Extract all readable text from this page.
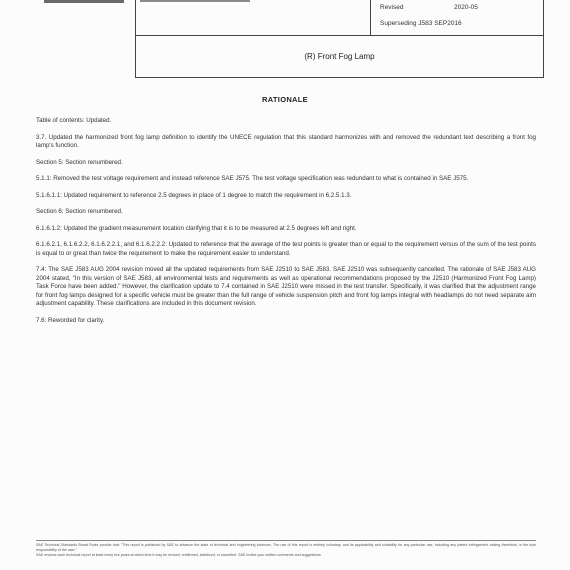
Revised	2020-05
Superseding J583 SEP2016
(R) Front Fog Lamp
RATIONALE

Table of contents: Updated.

3.7. Updated the harmonized front fog lamp definition to identify the UNECE regulation that this standard harmonizes with and removed the redundant text describing a front fog lamp's function.

Section 5: Section renumbered.

5.1.1: Removed the test voltage requirement and instead reference SAE J575. The test voltage specification was redundant to what is contained in SAE J575.

5.1.6.1.1: Updated requirement to reference 2.5 degrees in place of 1 degree to match the requirement in 6.2.5.1.3.

Section 6: Section renumbered.

6.1.6.1.2: Updated the gradient measurement location clarifying that it is to be measured at 2.5 degrees left and right.

6.1.6.2.1, 6.1.6.2.2, 6.1.6.2.2.1, and 6.1.6.2.2.2: Updated to reference that the average of the test points is greater than or equal to the requirement versus of the sum of the test points is equal to or great than twice the requirement to make the requirement easier to understand.

7.4: The SAE J583 AUG 2004 revision moved all the updated requirements from SAE J2510 to SAE J583. SAE J2510 was subsequently cancelled. The rationale of SAE J583 AUG 2004 stated, "In this version of SAE J583, all environmental tests and requirements as well as operational recommendations proposed by the J2510 (Harmonized Front Fog Lamp) Task Force have been added." However, the clarification update to 7.4 contained in SAE J2510 were missed in the test transfer. Specifically, it was clarified that the adjustment range for front fog lamps designed for a specific vehicle must be greater than the full range of vehicle suspension pitch and front fog lamps integral with headlamps do not need separate aim adjustment capability. These clarifications are included in this document revision.

7.6: Reworded for clarity.

SAE Technical Standards Board Rules provide that: "This report is published by SAE to advance the state of technical and engineering sciences. The use of this report is entirely voluntary, and its applicability and suitability for any particular use, including any patent infringement arising therefrom, is the sole responsibility of the user."

SAE reviews each technical report at least every five years at which time it may be revised, reaffirmed, stabilized, or cancelled. SAE invites your written comments and suggestions.
